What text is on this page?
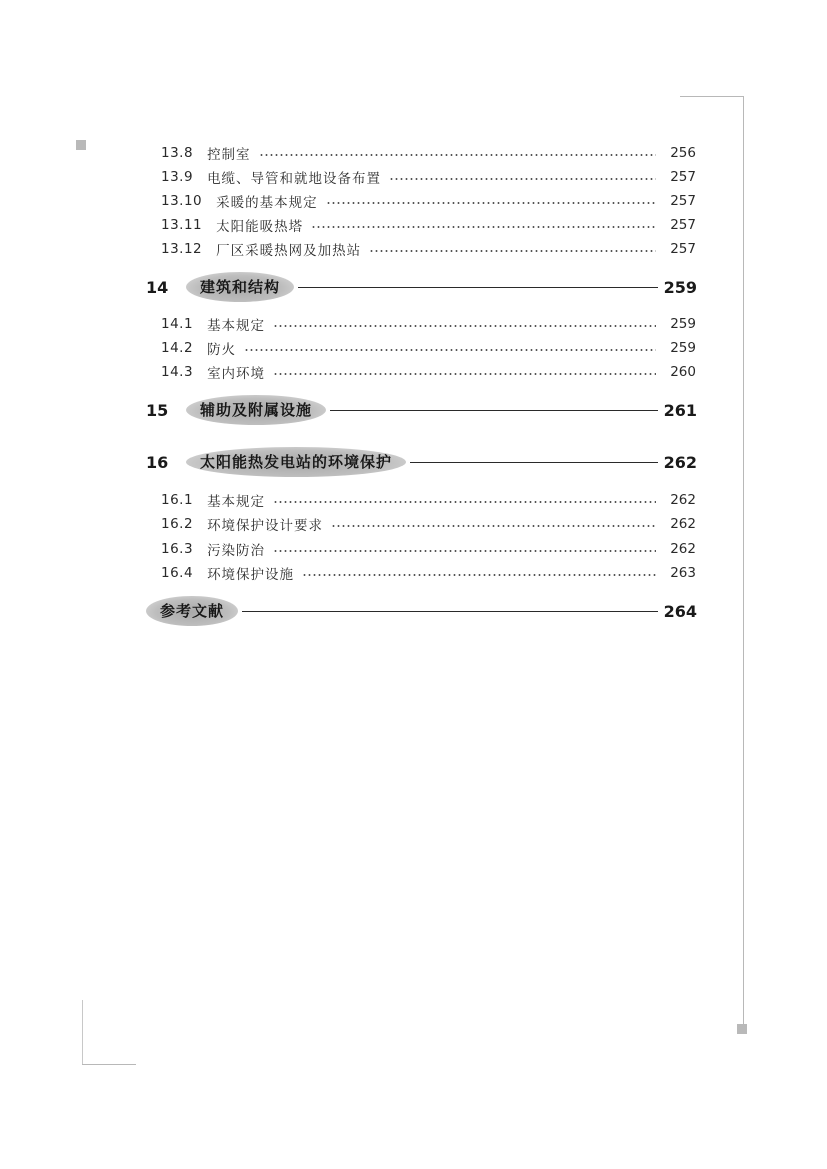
13.8	控制室	256
13.9	电缆、导管和就地设备布置	257
13.10	采暖的基本规定	257
13.11	太阳能吸热塔	257
13.12	厂区采暖热网及加热站	257
14	建筑和结构	259
14.1	基本规定	259
14.2	防火	259
14.3	室内环境	260
15	辅助及附属设施	261
16	太阳能热发电站的环境保护	262
16.1	基本规定	262
16.2	环境保护设计要求	262
16.3	污染防治	262
16.4	环境保护设施	263
参考文献	264
